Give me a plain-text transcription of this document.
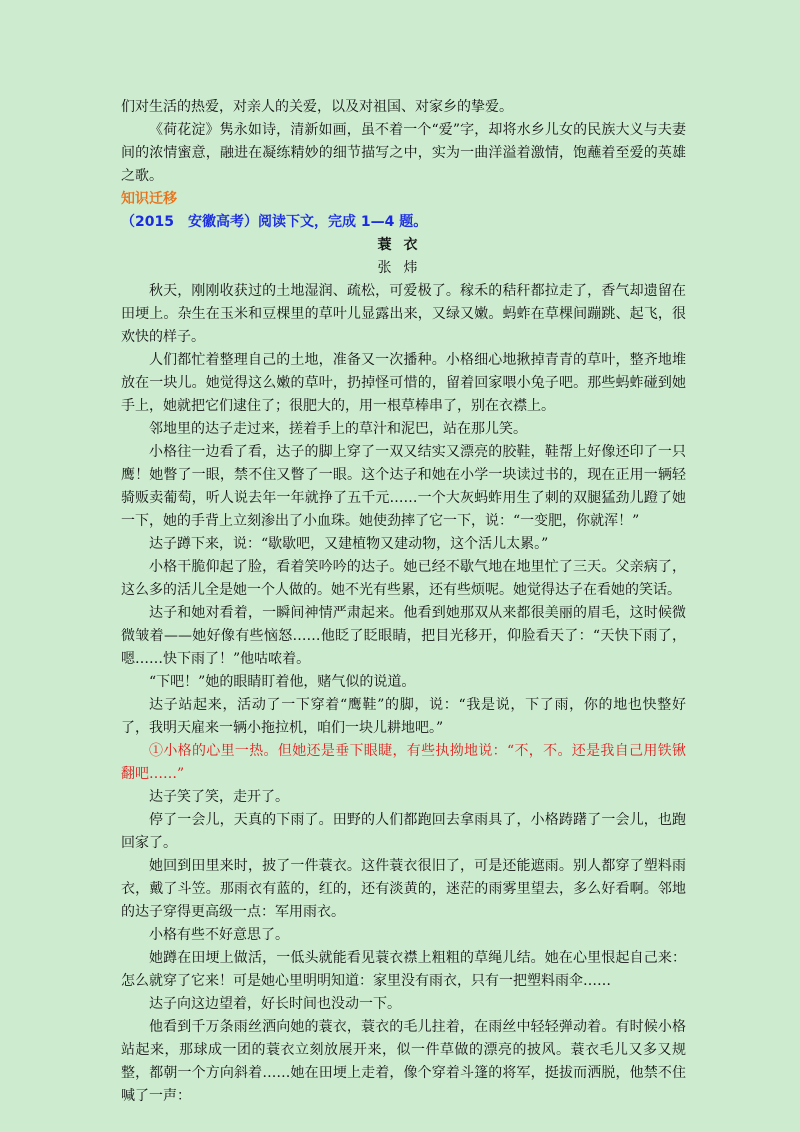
们对生活的热爱，对亲人的关爱，以及对祖国、对家乡的挚爱。

《荷花淀》隽永如诗，清新如画，虽不着一个“爱”字，却将水乡儿女的民族大义与夫妻间的浓情蜜意，融进在凝练精妙的细节描写之中，实为一曲洋溢着激情，饱蘸着至爱的英雄之歌。

知识迁移

（2015　安徽高考）阅读下文，完成 1—4 题。

蓑衣

张炜

秋天，刚刚收获过的土地湿润、疏松，可爱极了。稼禾的秸秆都拉走了，香气却遗留在田埂上。杂生在玉米和豆棵里的草叶儿显露出来，又绿又嫩。蚂蚱在草棵间蹦跳、起飞，很欢快的样子。

人们都忙着整理自己的土地，准备又一次播种。小格细心地揪掉青青的草叶，整齐地堆放在一块儿。她觉得这么嫩的草叶，扔掉怪可惜的，留着回家喂小兔子吧。那些蚂蚱碰到她手上，她就把它们逮住了；很肥大的，用一根草棒串了，别在衣襟上。

邻地里的达子走过来，搓着手上的草汁和泥巴，站在那儿笑。

小格往一边看了看，达子的脚上穿了一双又结实又漂亮的胶鞋，鞋帮上好像还印了一只鹰！她瞥了一眼，禁不住又瞥了一眼。这个达子和她在小学一块读过书的，现在正用一辆轻骑贩卖葡萄，听人说去年一年就挣了五千元……一个大灰蚂蚱用生了刺的双腿猛劲儿蹬了她一下，她的手背上立刻渗出了小血珠。她使劲摔了它一下，说：“一变肥，你就浑！”

达子蹲下来，说：“歇歇吧，又建植物又建动物，这个活儿太累。”

小格干脆仰起了脸，看着笑吟吟的达子。她已经不歇气地在地里忙了三天。父亲病了，这么多的活儿全是她一个人做的。她不光有些累，还有些烦呢。她觉得达子在看她的笑话。

达子和她对看着，一瞬间神情严肃起来。他看到她那双从来都很美丽的眉毛，这时候微微皱着——她好像有些恼怒……他眨了眨眼睛，把目光移开，仰脸看天了：“天快下雨了，嗯……快下雨了！”他咕哝着。

“下吧！”她的眼睛盯着他，赌气似的说道。

达子站起来，活动了一下穿着“鹰鞋”的脚，说：“我是说，下了雨，你的地也快整好了，我明天雇来一辆小拖拉机，咱们一块儿耕地吧。”

①小格的心里一热。但她还是垂下眼睫，有些执拗地说：“不，不。还是我自己用铁锹翻吧……”

达子笑了笑，走开了。

停了一会儿，天真的下雨了。田野的人们都跑回去拿雨具了，小格踌躇了一会儿，也跑回家了。

她回到田里来时，披了一件蓑衣。这件蓑衣很旧了，可是还能遮雨。别人都穿了塑料雨衣，戴了斗笠。那雨衣有蓝的，红的，还有淡黄的，迷茫的雨雾里望去，多么好看啊。邻地的达子穿得更高级一点：军用雨衣。

小格有些不好意思了。

她蹲在田埂上做活，一低头就能看见蓑衣襟上粗粗的草绳儿结。她在心里恨起自己来：怎么就穿了它来！可是她心里明明知道：家里没有雨衣，只有一把塑料雨伞……

达子向这边望着，好长时间也没动一下。

他看到千万条雨丝洒向她的蓑衣，蓑衣的毛儿拄着，在雨丝中轻轻弹动着。有时候小格站起来，那球成一团的蓑衣立刻放展开来，似一件草做的漂亮的披风。蓑衣毛儿又多又规整，都朝一个方向斜着……她在田埂上走着，像个穿着斗篷的将军，挺拔而洒脱，他禁不住喊了一声：
